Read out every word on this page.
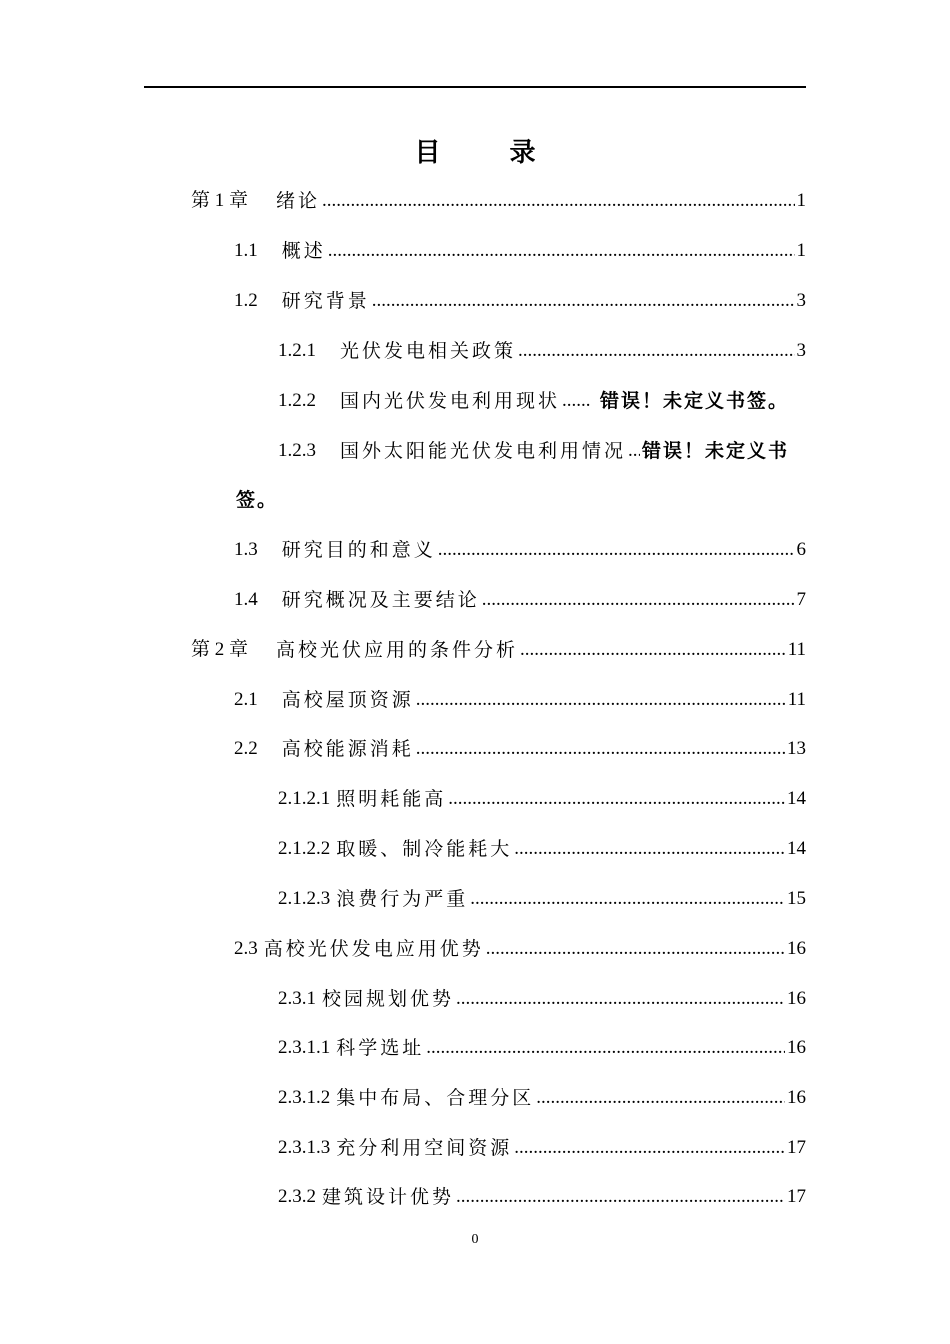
目 录
第 1 章 绪论 .....	1
1.1 概述 .....	1
1.2 研究背景 .....	3
1.2.1 光伏发电相关政策 .....	3
1.2.2 国内光伏发电利用现状 ...... 错误！未定义书签。
1.2.3 国外太阳能光伏发电利用情况 ...... 错误！未定义书
签。
1.3 研究目的和意义 .....	6
1.4 研究概况及主要结论 .....	7
第 2 章 高校光伏应用的条件分析 .....	11
2.1 高校屋顶资源 .....	11
2.2 高校能源消耗 .....	13
2.1.2.1 照明耗能高 .....	14
2.1.2.2 取暖、制冷能耗大 .....	14
2.1.2.3 浪费行为严重 .....	15
2.3 高校光伏发电应用优势 .....	16
2.3.1 校园规划优势 .....	16
2.3.1.1 科学选址 .....	16
2.3.1.2 集中布局、合理分区 .....	16
2.3.1.3 充分利用空间资源 .....	17
2.3.2 建筑设计优势 .....	17
0
